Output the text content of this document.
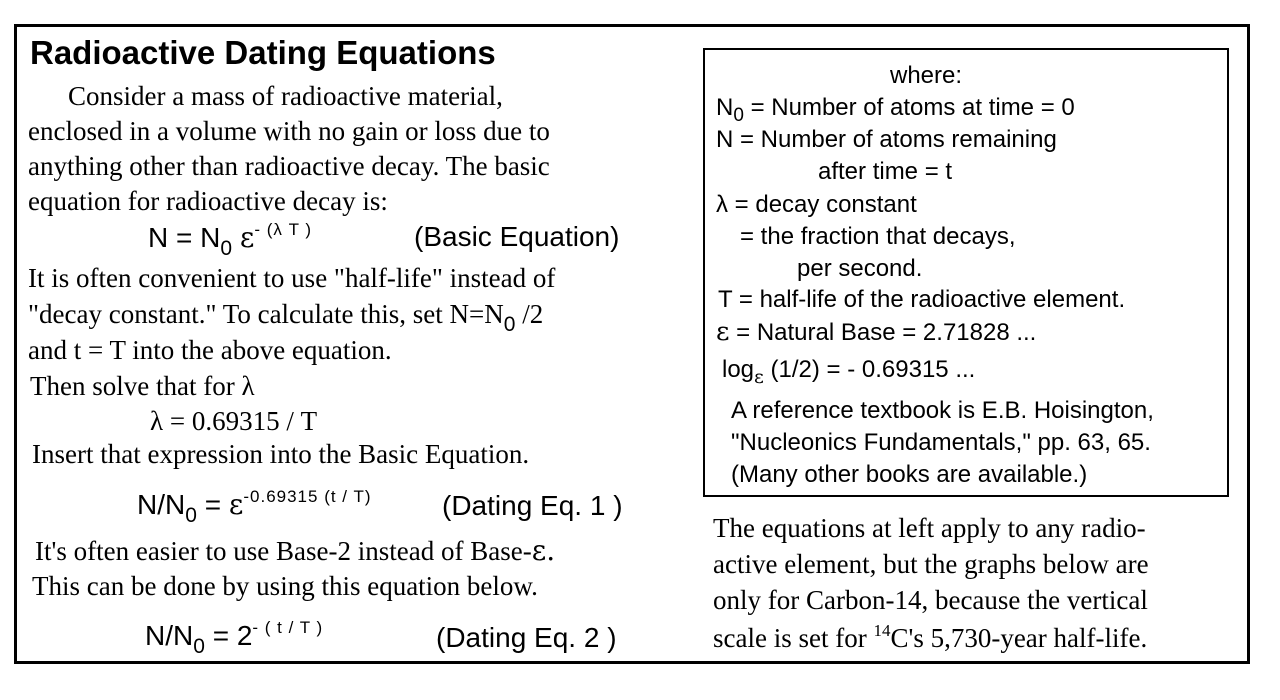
Radioactive Dating Equations
Consider a mass of radioactive material,
enclosed in a volume with no gain or loss due to
anything other than radioactive decay. The basic
equation for radioactive decay is:
$N = N_0$ $\varepsilon^{- (\lambda T )}$	(Basic Equation)
It is often convenient to use "half-life" instead of
"decay constant." To calculate this, set $N=N_0$ /2
and t = T into the above equation.
Then solve that for λ
λ = 0.69315 / T
Insert that expression into the Basic Equation.
$N/N_0 = \varepsilon^{-0.69315 (t / T)}$	(Dating Eq. 1 )
It's often easier to use Base-2 instead of Base-ε.
This can be done by using this equation below.
$N/N_0 = 2^{- ( t / T )}$	(Dating Eq. 2 )
where:
$N_0$ = Number of atoms at time = 0
N = Number of atoms remaining
after time = t
λ = decay constant
= the fraction that decays,
per second.
T = half-life of the radioactive element.
ε = Natural Base = 2.71828 ...
$\log_\varepsilon (1/2)$ = - 0.69315 ...
A reference textbook is E.B. Hoisington,
"Nucleonics Fundamentals," pp. 63, 65.
(Many other books are available.)
The equations at left apply to any radio-
active element, but the graphs below are
only for Carbon-14, because the vertical
scale is set for $^{14}$C's 5,730-year half-life.
